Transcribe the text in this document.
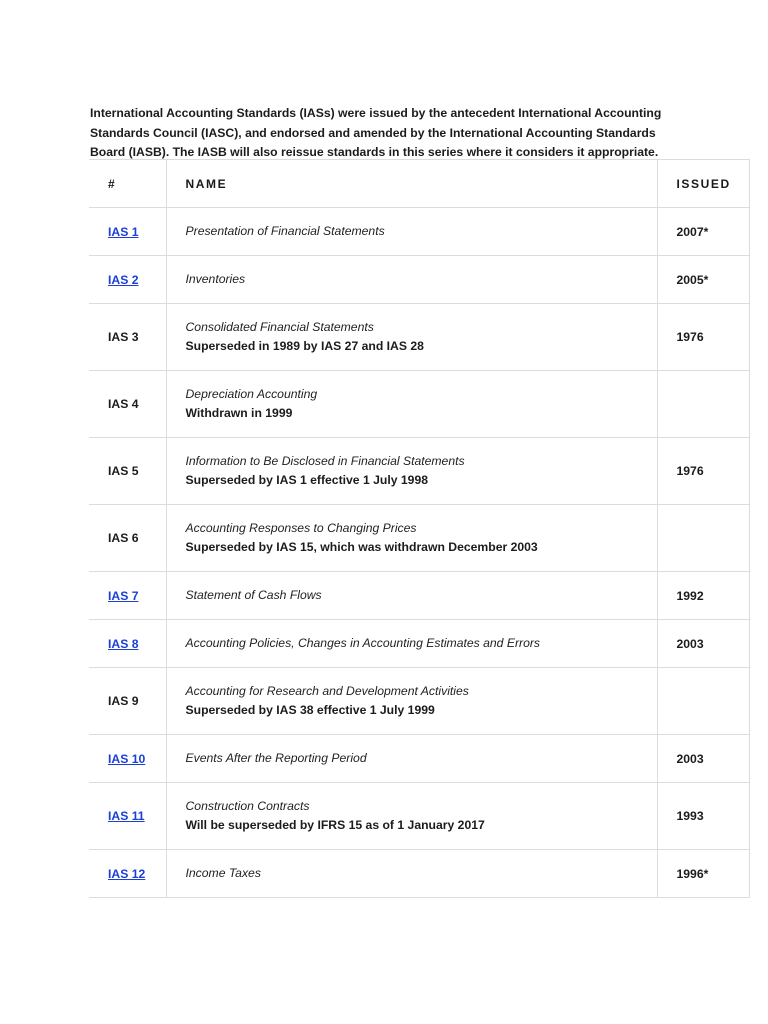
International Accounting Standards (IASs) were issued by the antecedent International Accounting Standards Council (IASC), and endorsed and amended by the International Accounting Standards Board (IASB). The IASB will also reissue standards in this series where it considers it appropriate.

#	NAME	ISSUED
IAS 1	Presentation of Financial Statements	2007*
IAS 2	Inventories	2005*
IAS 3	Consolidated Financial Statements
Superseded in 1989 by IAS 27 and IAS 28	1976
IAS 4	Depreciation Accounting
Withdrawn in 1999	

IAS 5	Information to Be Disclosed in Financial Statements
Superseded by IAS 1 effective 1 July 1998	1976
IAS 6	Accounting Responses to Changing Prices
Superseded by IAS 15, which was withdrawn December 2003	

IAS 7	Statement of Cash Flows	1992
IAS 8	Accounting Policies, Changes in Accounting Estimates and Errors	2003
IAS 9	Accounting for Research and Development Activities
Superseded by IAS 38 effective 1 July 1999	

IAS 10	Events After the Reporting Period	2003
IAS 11	Construction Contracts
Will be superseded by IFRS 15 as of 1 January 2017	1993
IAS 12	Income Taxes	1996*
